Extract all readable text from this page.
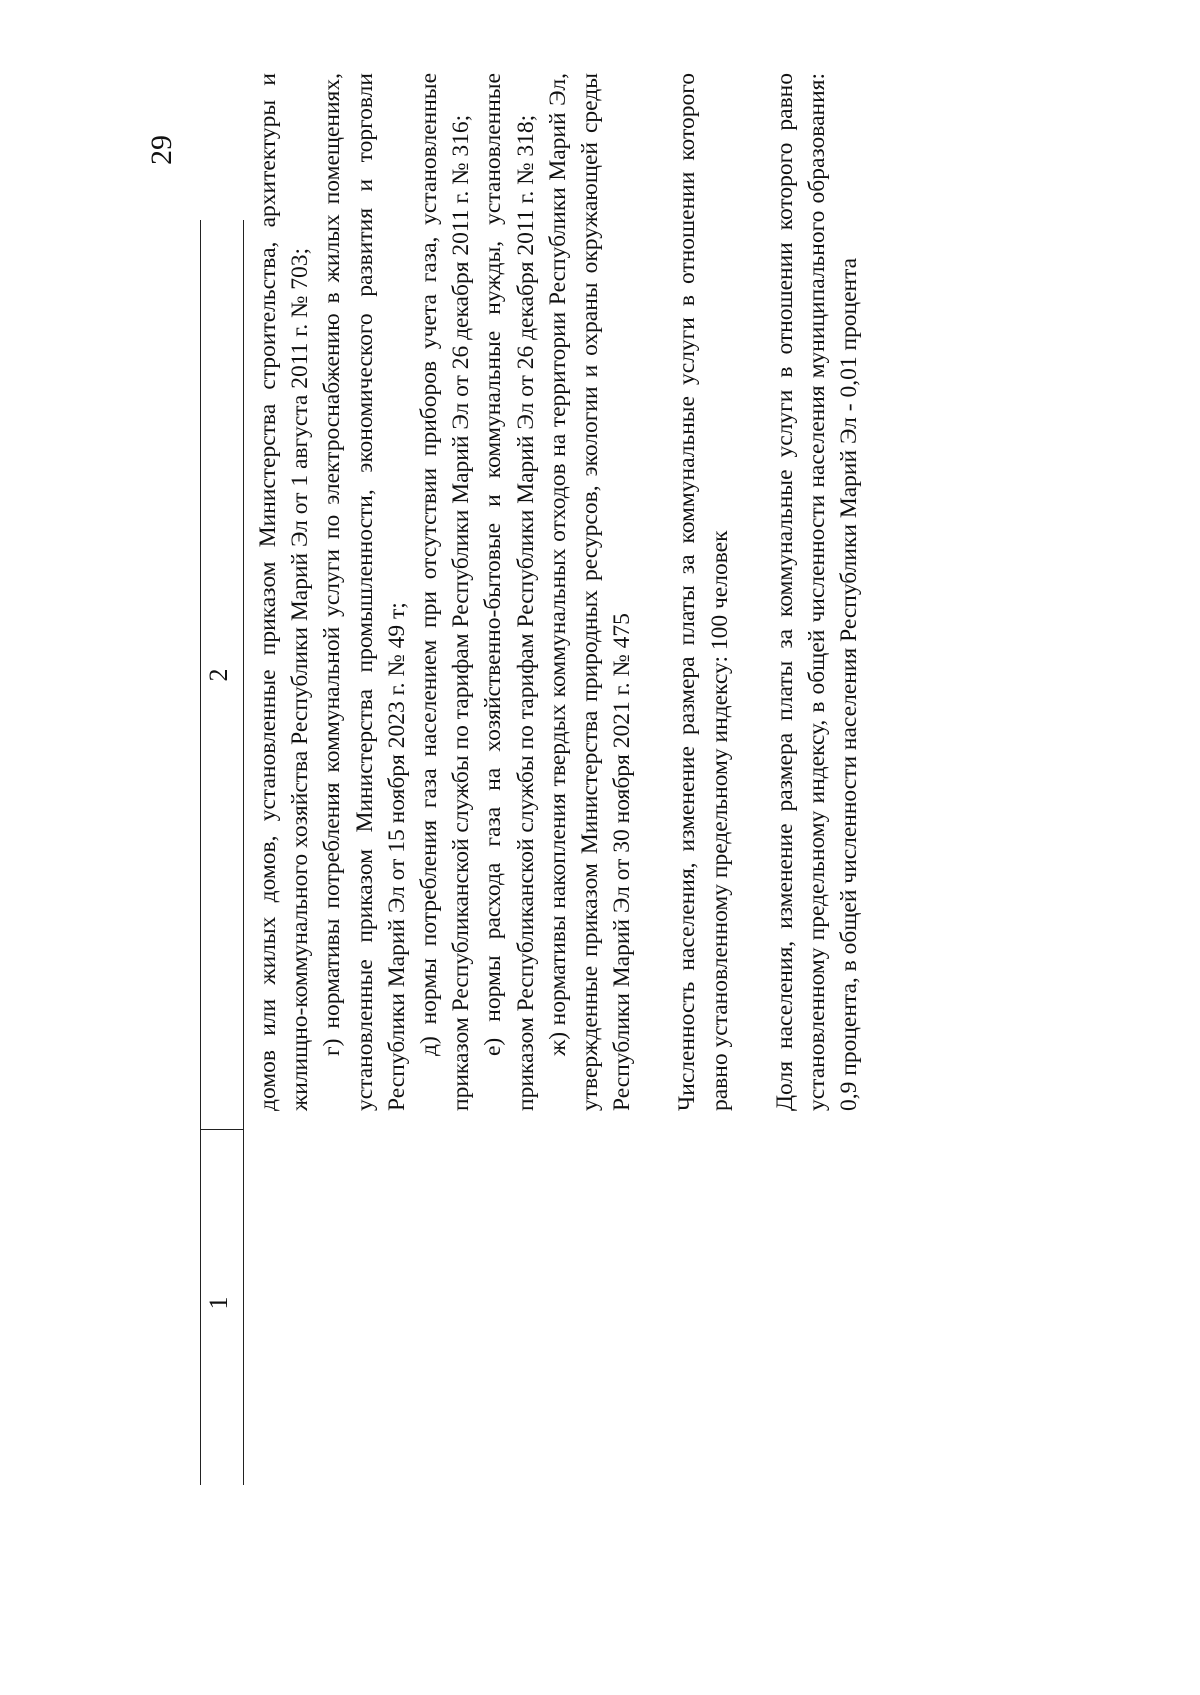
29
1
2 домов или жилых домов, установленные приказом Министерства строительства, архитектуры и жилищно-коммунального хозяйства Республики Марий Эл от 1 августа 2011 г. № 703; г) нормативы потребления коммунальной услуги по электроснабжению в жилых помещениях, установленные приказом Министерства промышленности, экономического развития и торговли Республики Марий Эл от 15 ноября 2023 г. № 49 т; д) нормы потребления газа населением при отсутствии приборов учета газа, установленные приказом Республиканской службы по тарифам Республики Марий Эл от 26 декабря 2011 г. № 316; е) нормы расхода газа на хозяйственно-бытовые и коммунальные нужды, установленные приказом Республиканской службы по тарифам Республики Марий Эл от 26 декабря 2011 г. № 318; ж) нормативы накопления твердых коммунальных отходов на территории Республики Марий Эл, утвержденные приказом Министерства природных ресурсов, экологии и охраны окружающей среды Республики Марий Эл от 30 ноября 2021 г. № 475 Численность населения, изменение размера платы за коммунальные услуги в отношении которого равно установленному предельному индексу: 100 человек Доля населения, изменение размера платы за коммунальные услуги в отношении которого равно установленному предельному индексу, в общей численности населения муниципального образования: 0,9 процента, в общей численности населения Республики Марий Эл - 0,01 процента
